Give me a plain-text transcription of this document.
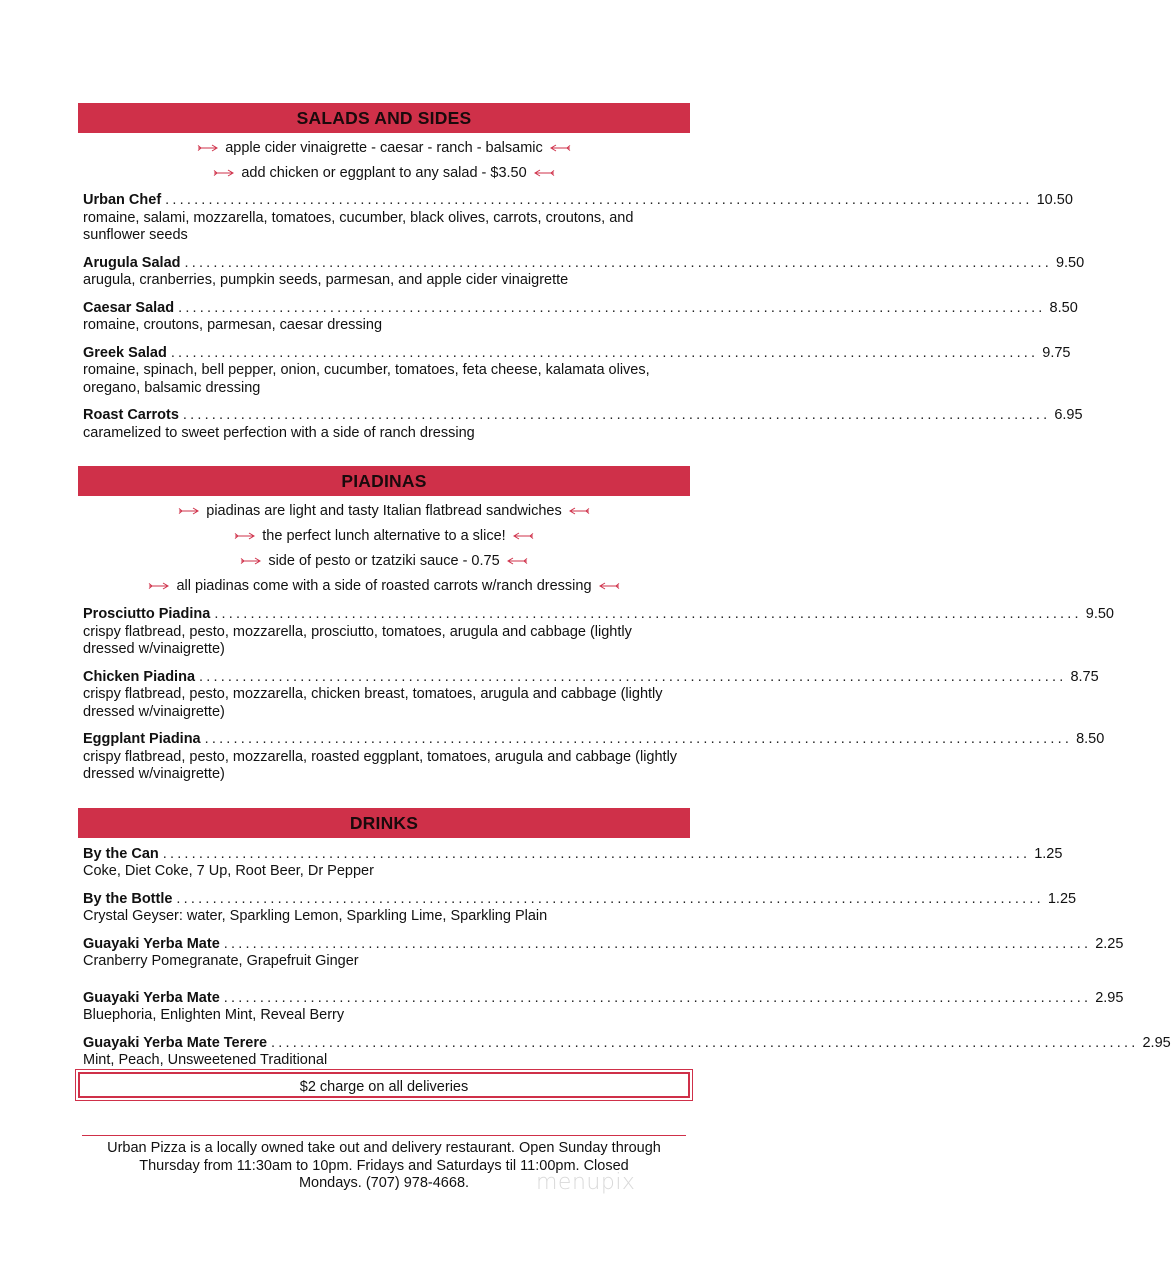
SALADS AND SIDES
apple cider vinaigrette - caesar - ranch - balsamic
add chicken or eggplant to any salad - $3.50
Urban Chef ........................................................................................................................ 10.50
romaine, salami, mozzarella, tomatoes, cucumber, black olives, carrots, croutons, and sunflower seeds
Arugula Salad ........................................................................................................................ 9.50
arugula, cranberries, pumpkin seeds, parmesan, and apple cider vinaigrette
Caesar Salad ........................................................................................................................ 8.50
romaine, croutons, parmesan, caesar dressing
Greek Salad ........................................................................................................................ 9.75
romaine, spinach, bell pepper, onion, cucumber, tomatoes, feta cheese, kalamata olives, oregano, balsamic dressing
Roast Carrots ........................................................................................................................ 6.95
caramelized to sweet perfection with a side of ranch dressing
PIADINAS
piadinas are light and tasty Italian flatbread sandwiches
the perfect lunch alternative to a slice!
side of pesto or tzatziki sauce - 0.75
all piadinas come with a side of roasted carrots w/ranch dressing
Prosciutto Piadina ........................................................................................................................ 9.50
crispy flatbread, pesto, mozzarella, prosciutto, tomatoes, arugula and cabbage (lightly dressed w/vinaigrette)
Chicken Piadina ........................................................................................................................ 8.75
crispy flatbread, pesto, mozzarella, chicken breast, tomatoes, arugula and cabbage (lightly dressed w/vinaigrette)
Eggplant Piadina ........................................................................................................................ 8.50
crispy flatbread, pesto, mozzarella, roasted eggplant, tomatoes, arugula and cabbage (lightly dressed w/vinaigrette)
DRINKS
By the Can ........................................................................................................................ 1.25
Coke, Diet Coke, 7 Up, Root Beer, Dr Pepper
By the Bottle ........................................................................................................................ 1.25
Crystal Geyser: water, Sparkling Lemon, Sparkling Lime, Sparkling Plain
Guayaki Yerba Mate ........................................................................................................................ 2.25
Cranberry Pomegranate, Grapefruit Ginger
Guayaki Yerba Mate ........................................................................................................................ 2.95
Bluephoria, Enlighten Mint, Reveal Berry
Guayaki Yerba Mate Terere ........................................................................................................................ 2.95
Mint, Peach, Unsweetened Traditional
$2 charge on all deliveries
Urban Pizza is a locally owned take out and delivery restaurant. Open Sunday through
Thursday from 11:30am to 10pm. Fridays and Saturdays til 11:00pm. Closed
Mondays. (707) 978-4668.	menupix
